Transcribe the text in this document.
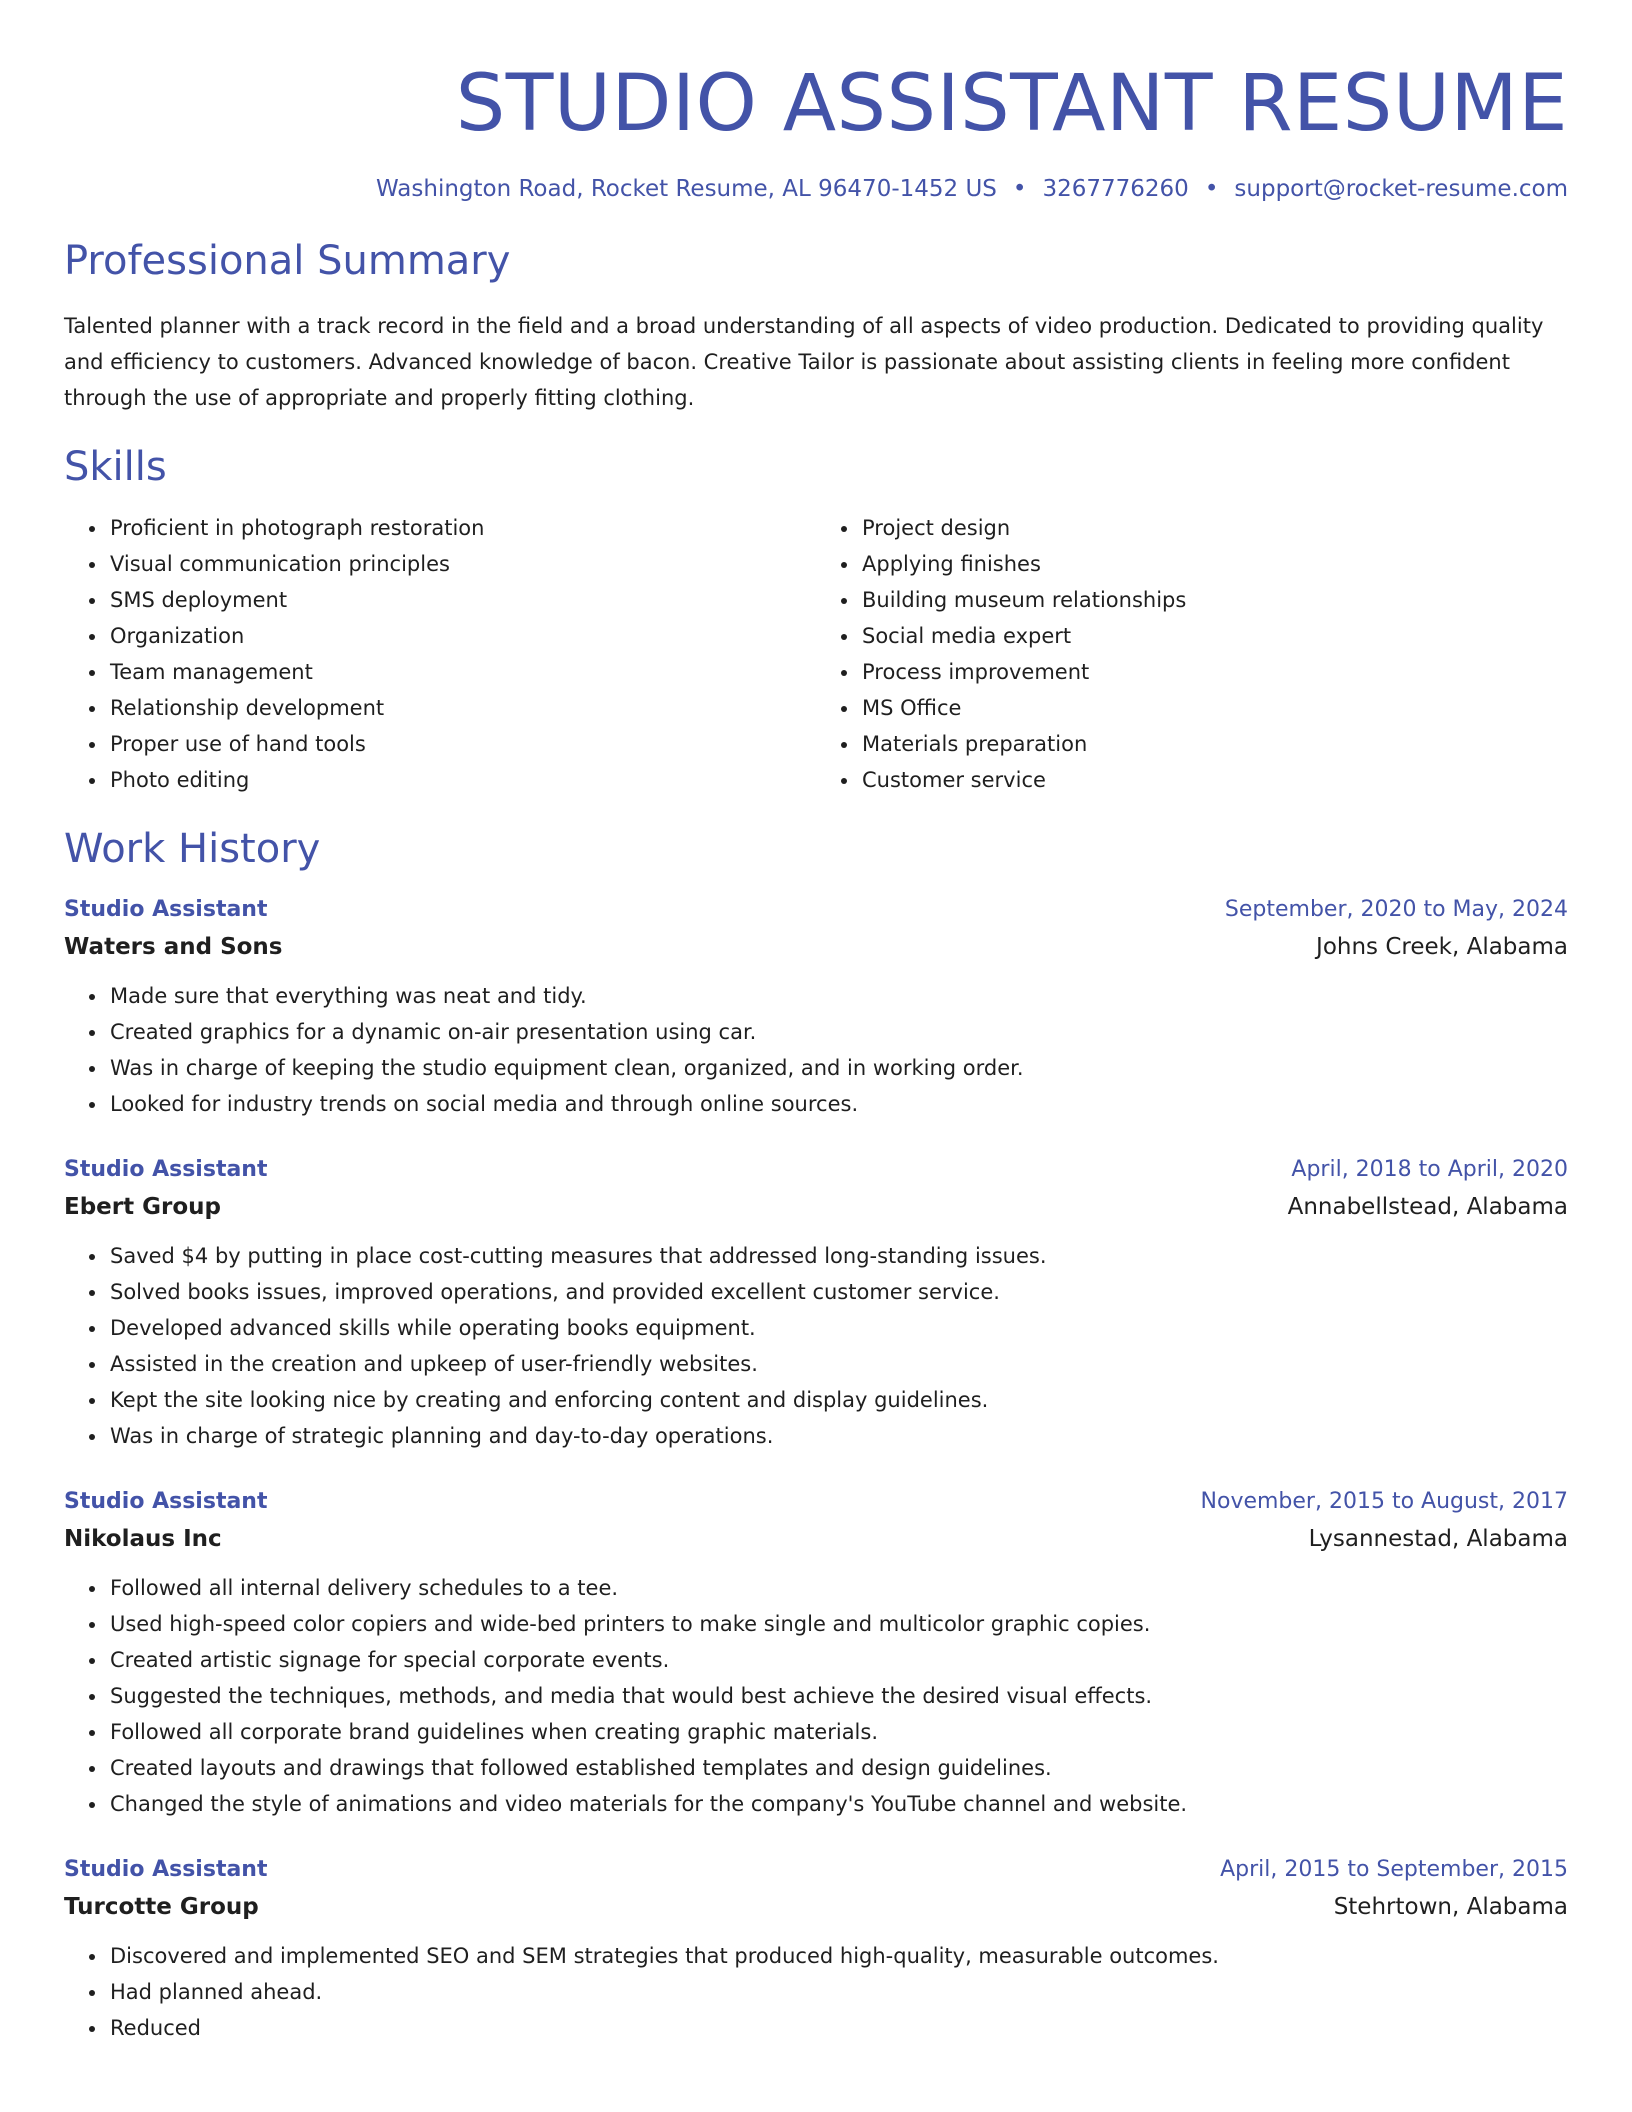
STUDIO ASSISTANT RESUME
Washington Road, Rocket Resume, AL 96470-1452 US • 3267776260 • support@rocket-resume.com
Professional Summary

Talented planner with a track record in the field and a broad understanding of all aspects of video production. Dedicated to providing quality and efficiency to customers. Advanced knowledge of bacon. Creative Tailor is passionate about assisting clients in feeling more confident through the use of appropriate and properly fitting clothing.

Skills
• Proficient in photograph restoration
• Visual communication principles
• SMS deployment
• Organization
• Team management
• Relationship development
• Proper use of hand tools
• Photo editing
• Project design
• Applying finishes
• Building museum relationships
• Social media expert
• Process improvement
• MS Office
• Materials preparation
• Customer service
Work History
Studio Assistant	September, 2020 to May, 2024
Waters and Sons	Johns Creek, Alabama
• Made sure that everything was neat and tidy.
• Created graphics for a dynamic on-air presentation using car.
• Was in charge of keeping the studio equipment clean, organized, and in working order.
• Looked for industry trends on social media and through online sources.
Studio Assistant	April, 2018 to April, 2020
Ebert Group	Annabellstead, Alabama
• Saved $4 by putting in place cost-cutting measures that addressed long-standing issues.
• Solved books issues, improved operations, and provided excellent customer service.
• Developed advanced skills while operating books equipment.
• Assisted in the creation and upkeep of user-friendly websites.
• Kept the site looking nice by creating and enforcing content and display guidelines.
• Was in charge of strategic planning and day-to-day operations.
Studio Assistant	November, 2015 to August, 2017
Nikolaus Inc	Lysannestad, Alabama
• Followed all internal delivery schedules to a tee.
• Used high-speed color copiers and wide-bed printers to make single and multicolor graphic copies.
• Created artistic signage for special corporate events.
• Suggested the techniques, methods, and media that would best achieve the desired visual effects.
• Followed all corporate brand guidelines when creating graphic materials.
• Created layouts and drawings that followed established templates and design guidelines.
• Changed the style of animations and video materials for the company's YouTube channel and website.
Studio Assistant	April, 2015 to September, 2015
Turcotte Group	Stehrtown, Alabama
• Discovered and implemented SEO and SEM strategies that produced high-quality, measurable outcomes.
• Had planned ahead.
• Reduced
